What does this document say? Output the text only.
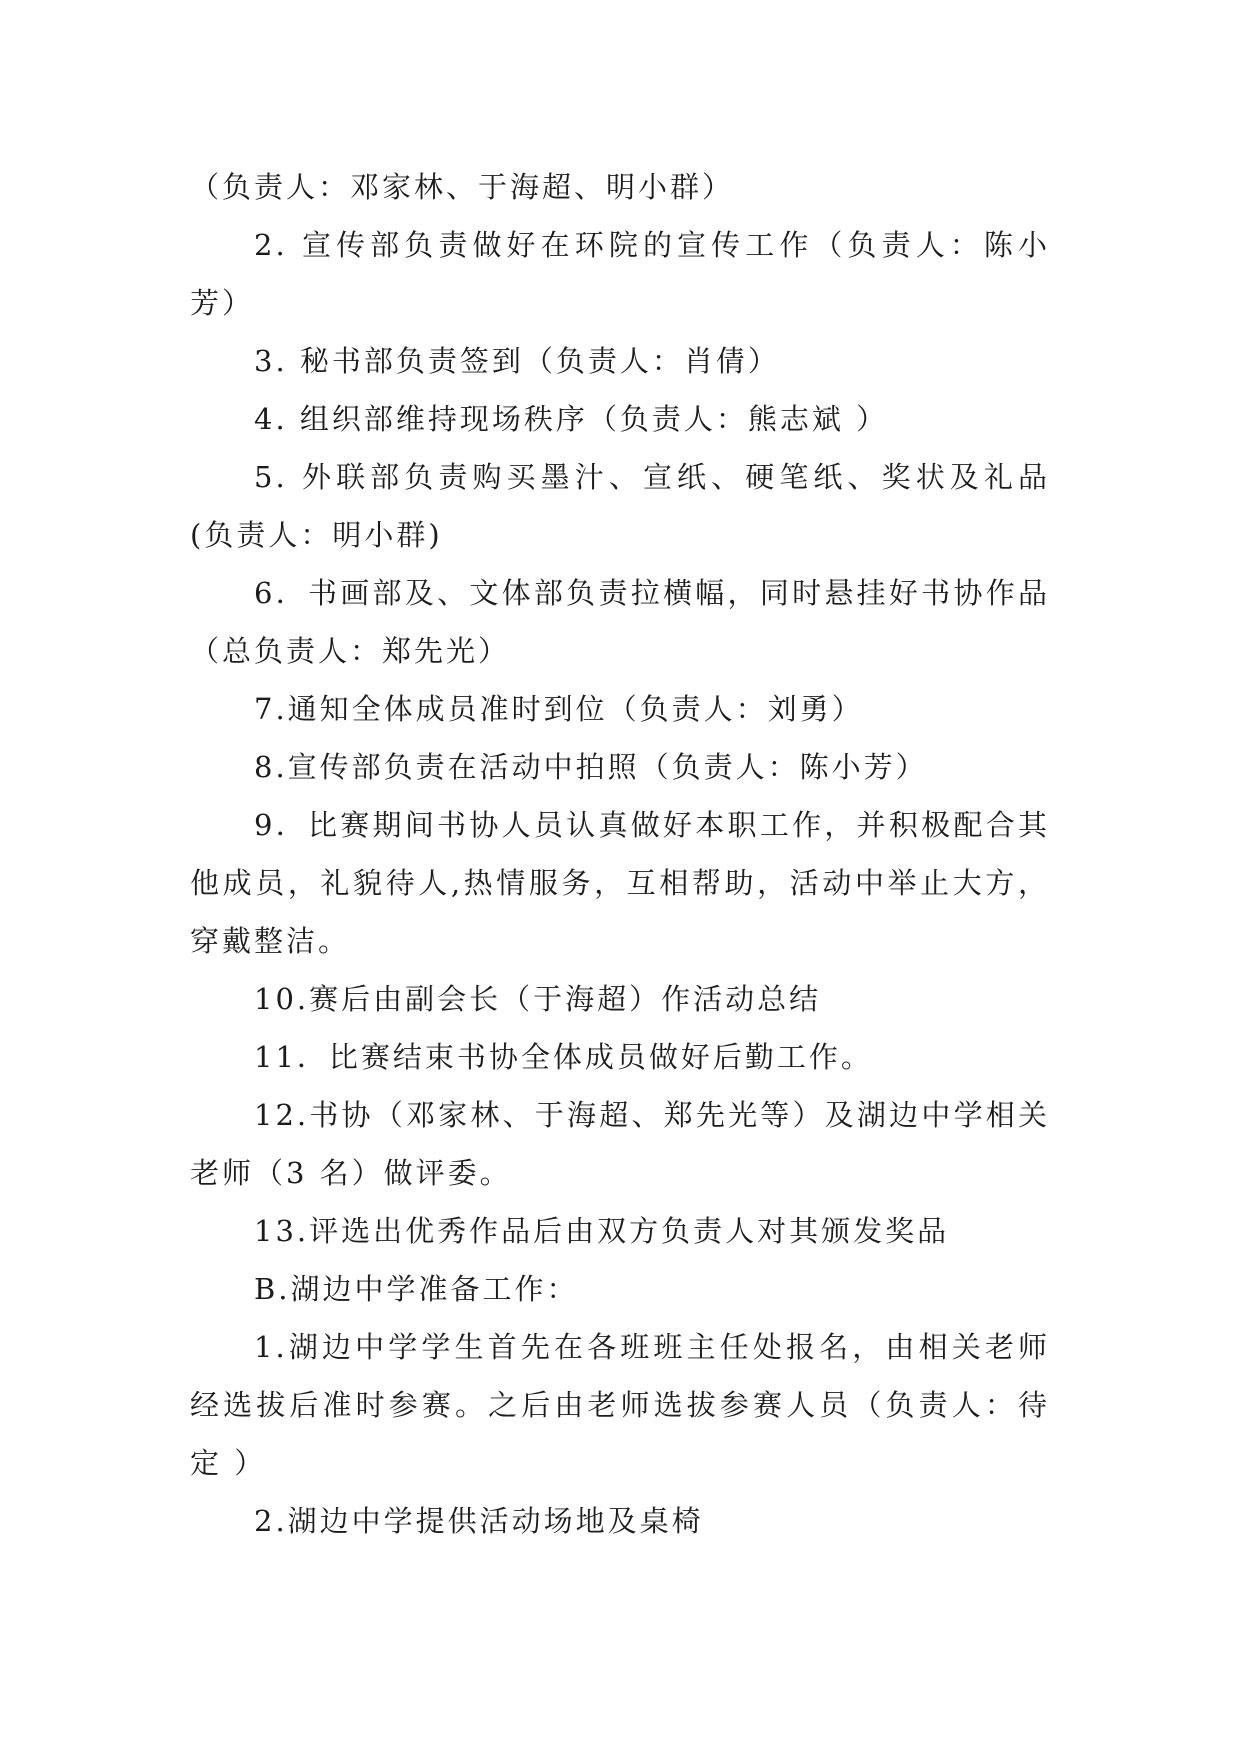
（负责人：邓家林、于海超、明小群）

2. 宣传部负责做好在环院的宣传工作（负责人：陈小芳）

3. 秘书部负责签到（负责人：肖倩）

4. 组织部维持现场秩序（负责人：熊志斌 ）

5. 外联部负责购买墨汁、宣纸、硬笔纸、奖状及礼品(负责人：明小群)

6．书画部及、文体部负责拉横幅，同时悬挂好书协作品（总负责人：郑先光）

7.通知全体成员准时到位（负责人：刘勇）

8.宣传部负责在活动中拍照（负责人：陈小芳）

9．比赛期间书协人员认真做好本职工作，并积极配合其他成员，礼貌待人,热情服务，互相帮助，活动中举止大方，穿戴整洁。

10.赛后由副会长（于海超）作活动总结

11．比赛结束书协全体成员做好后勤工作。

12.书协（邓家林、于海超、郑先光等）及湖边中学相关老师（3 名）做评委。

13.评选出优秀作品后由双方负责人对其颁发奖品

B.湖边中学准备工作：

1.湖边中学学生首先在各班班主任处报名，由相关老师经选拔后准时参赛。之后由老师选拔参赛人员（负责人：待定 ）

2.湖边中学提供活动场地及桌椅
